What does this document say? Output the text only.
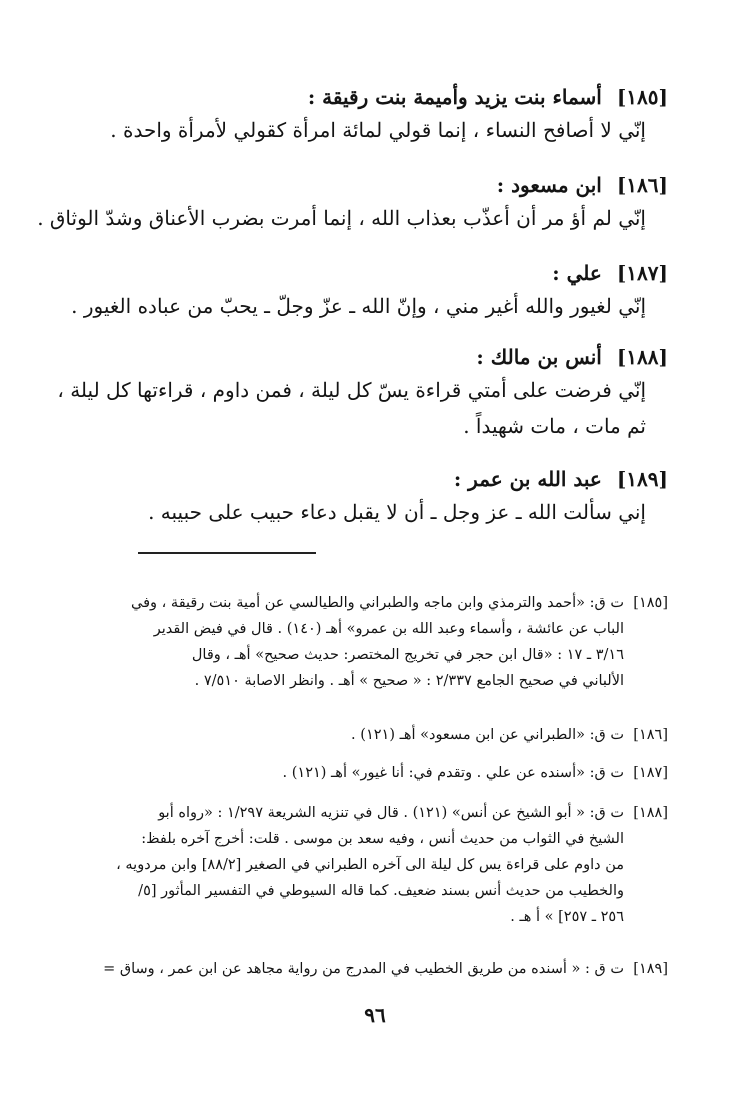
[١٨٥] أسماء بنت يزيد وأميمة بنت رقيقة :
إنّي لا أصافح النساء ، إنما قولي لمائة امرأة كقولي لأمرأة واحدة .
[١٨٦] ابن مسعود :
إنّي لم أؤ مر أن أعذّب بعذاب الله ، إنما أمرت بضرب الأعناق وشدّ الوثاق .
[١٨٧] علي :
إنّي لغيور والله أغير مني ، وإنّ الله ـ عزّ وجلّ ـ يحبّ من عباده الغيور .
[١٨٨] أنس بن مالك :
إنّي فرضت على أمتي قراءة يسّ كل ليلة ، فمن داوم ، قراءتها كل ليلة ،
ثم مات ، مات شهيداً .
[١٨٩] عبد الله بن عمر :
إني سألت الله ـ عز وجل ـ أن لا يقبل دعاء حبيب على حبيبه .
[١٨٥]
ت ق: «أحمد والترمذي وابن ماجه والطبراني والطيالسي عن أمية بنت رقيقة ، وفي
الباب عن عائشة ، وأسماء وعبد الله بن عمرو» أهـ (١٤٠) . قال في فيض القدير
٣/١٦ ـ ١٧ : «قال ابن حجر في تخريج المختصر: حديث صحيح» أهـ ، وقال
الألباني في صحيح الجامع ٢/٣٣٧ : « صحيح » أهـ . وانظر الاصابة ٧/٥١٠ .
[١٨٦]
ت ق: «الطبراني عن ابن مسعود» أهـ (١٢١) .
[١٨٧]
ت ق: «أسنده عن علي . وتقدم في: أنا غيور» أهـ (١٢١) .
[١٨٨]
ت ق: « أبو الشيخ عن أنس» (١٢١) . قال في تنزيه الشريعة ١/٢٩٧ : «رواه أبو
الشيخ في الثواب من حديث أنس ، وفيه سعد بن موسى . قلت: أخرج آخره بلفظ:
من داوم على قراءة يس كل ليلة الى آخره الطبراني في الصغير [٨٨/٢] وابن مردويه ،
والخطيب من حديث أنس بسند ضعيف. كما قاله السيوطي في التفسير المأثور [٥/
٢٥٦ ـ ٢٥٧] » أ هـ .
[١٨٩]
ت ق : « أسنده من طريق الخطيب في المدرج من رواية مجاهد عن ابن عمر ، وساق =
٩٦
